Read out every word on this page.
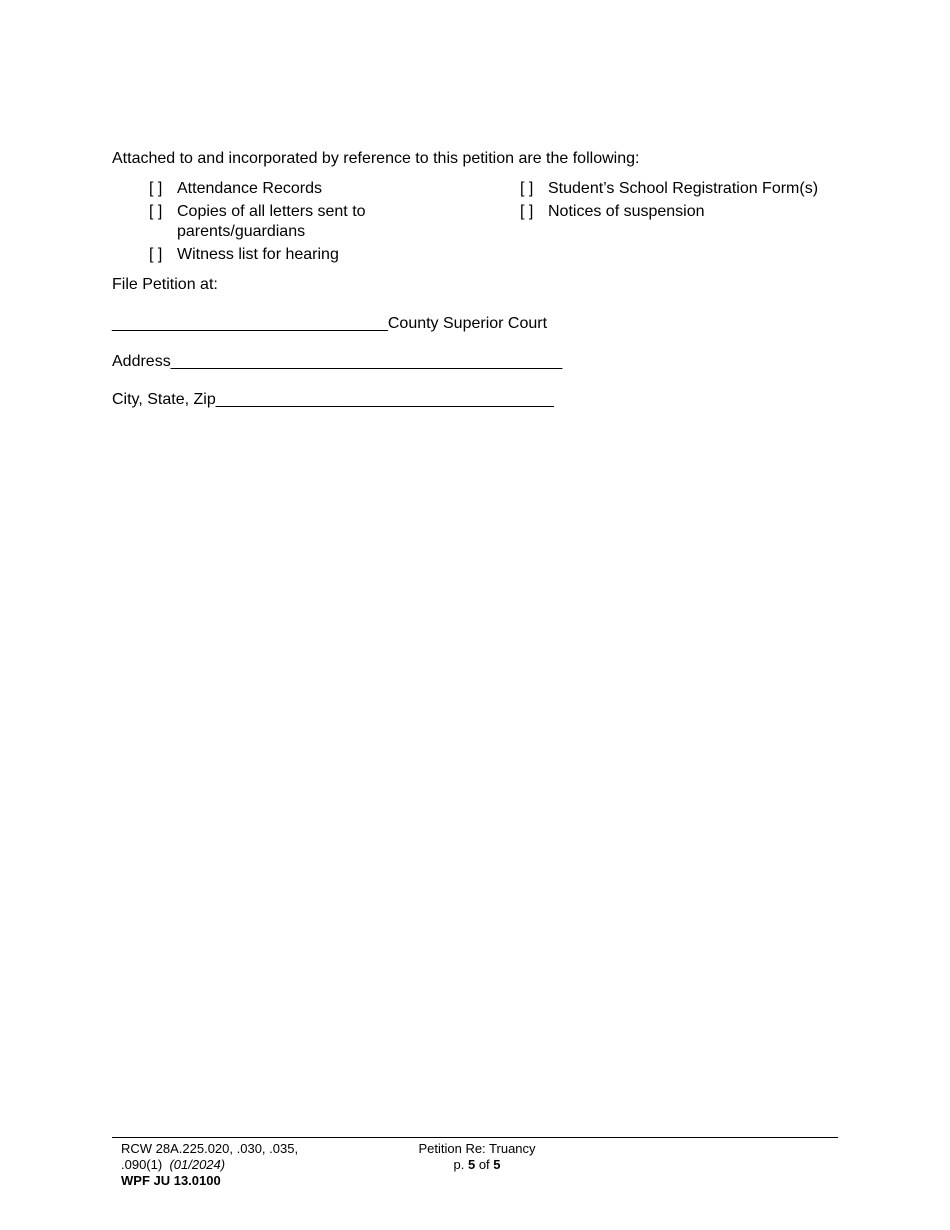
Attached to and incorporated by reference to this petition are the following:
[ ] Attendance Records
[ ] Copies of all letters sent to parents/guardians
[ ] Witness list for hearing
[ ] Student’s School Registration Form(s)
[ ] Notices of suspension
File Petition at:
_______________________________County Superior Court
Address____________________________________________
City, State, Zip______________________________________
RCW 28A.225.020, .030, .035,
.090(1) (01/2024)
WPF JU 13.0100
Petition Re: Truancy
p. 5 of 5
